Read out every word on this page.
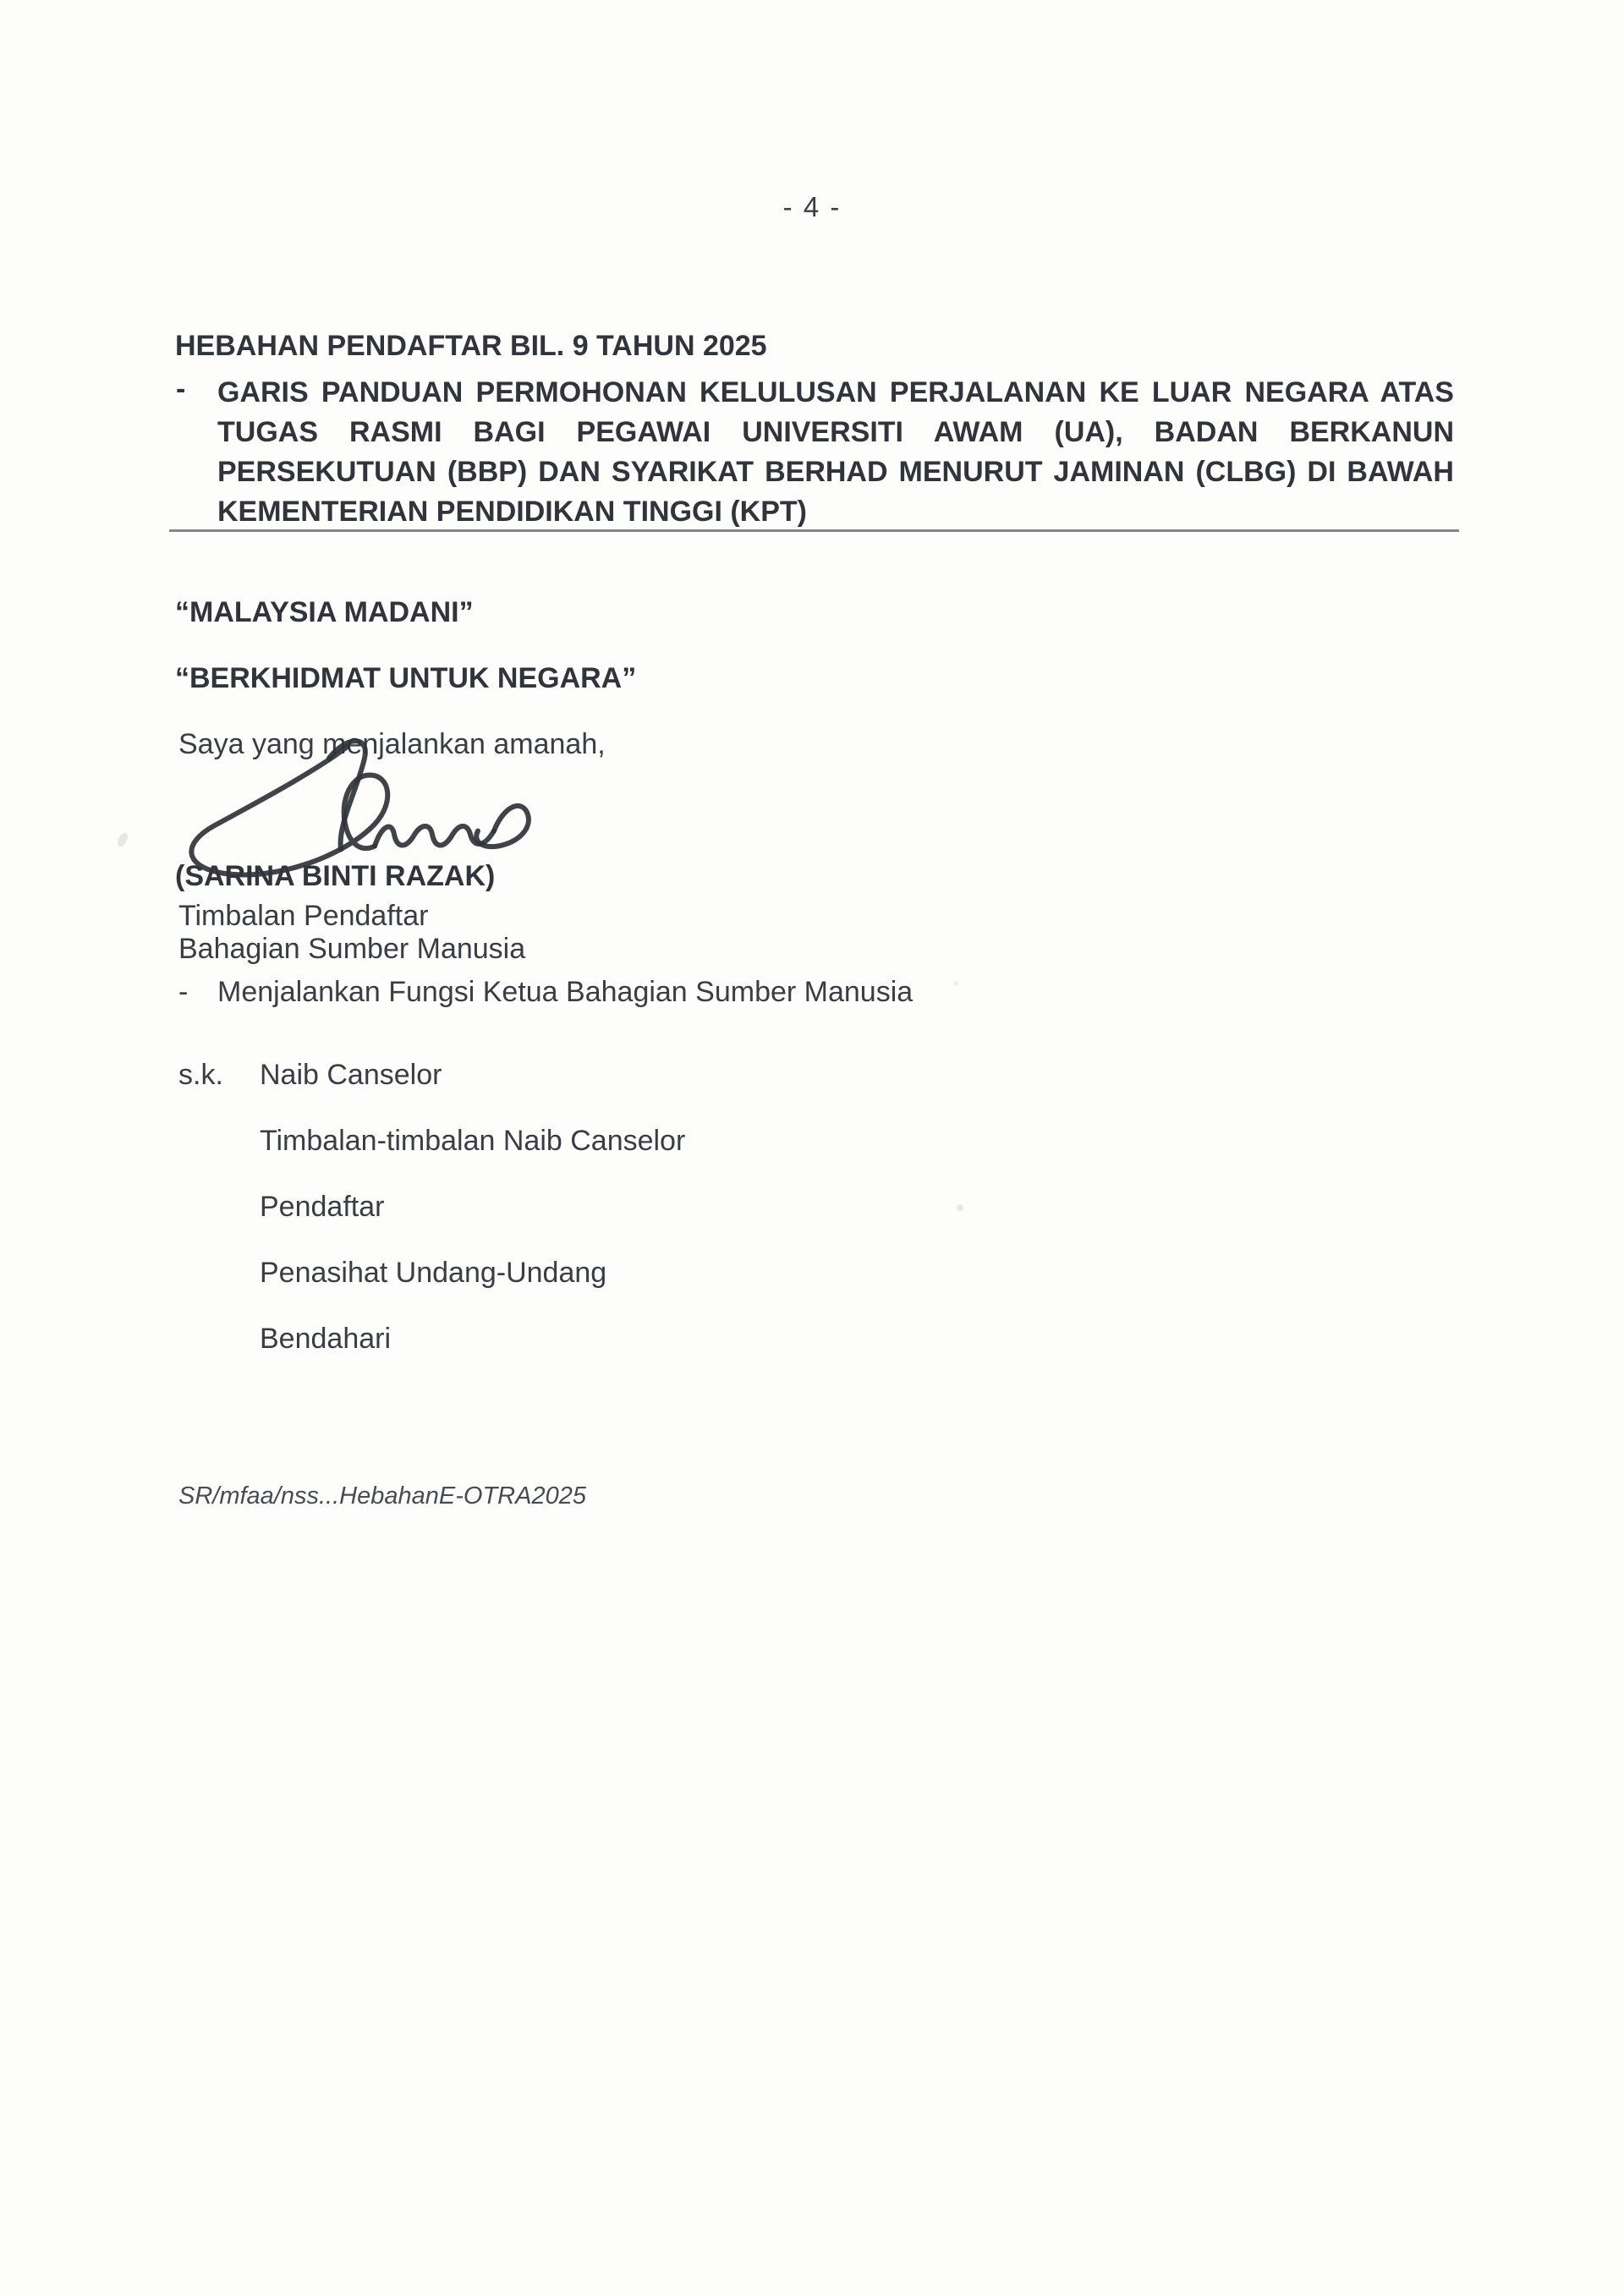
- 4 -
HEBAHAN PENDAFTAR BIL. 9 TAHUN 2025
- GARIS PANDUAN PERMOHONAN KELULUSAN PERJALANAN KE LUAR NEGARA ATAS
TUGAS RASMI BAGI PEGAWAI UNIVERSITI AWAM (UA), BADAN BERKANUN
PERSEKUTUAN (BBP) DAN SYARIKAT BERHAD MENURUT JAMINAN (CLBG) DI BAWAH
KEMENTERIAN PENDIDIKAN TINGGI (KPT)
“MALAYSIA MADANI”
“BERKHIDMAT UNTUK NEGARA”
Saya yang menjalankan amanah,
(SARINA BINTI RAZAK)
Timbalan Pendaftar
Bahagian Sumber Manusia
- Menjalankan Fungsi Ketua Bahagian Sumber Manusia
s.k. Naib Canselor
Timbalan-timbalan Naib Canselor
Pendaftar
Penasihat Undang-Undang
Bendahari
SR/mfaa/nss...HebahanE-OTRA2025
